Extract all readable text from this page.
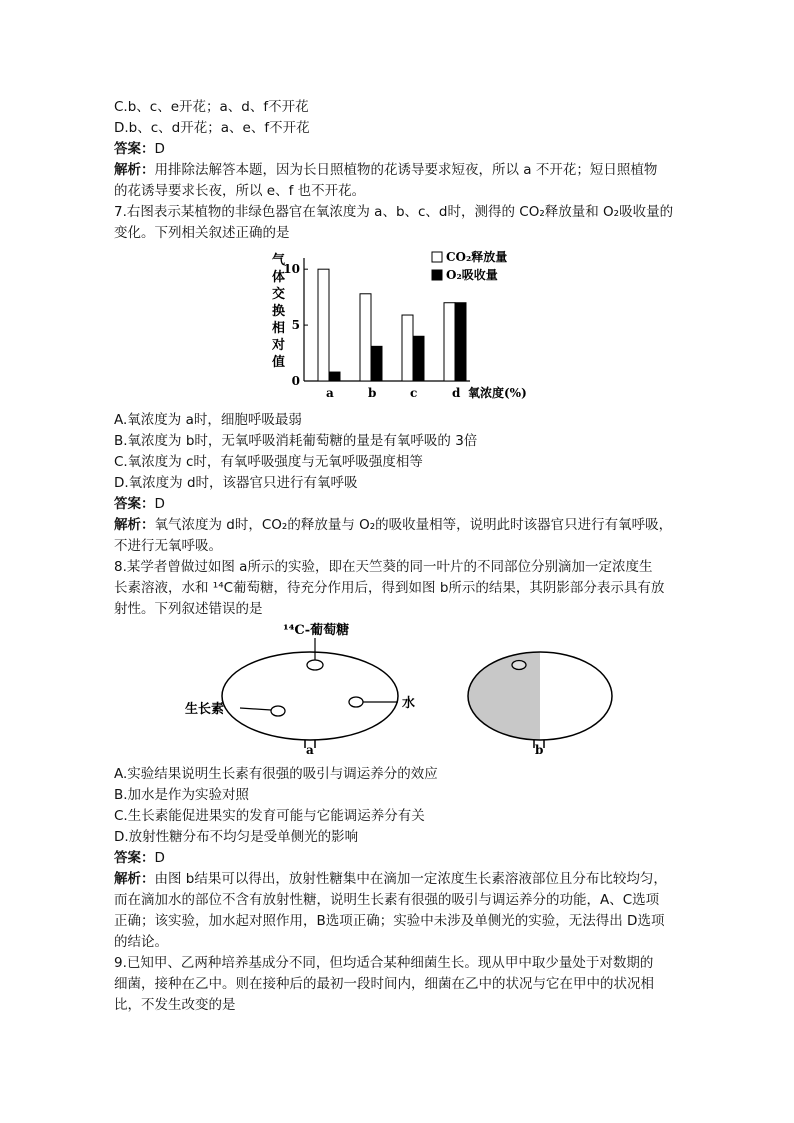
C.b、c、e开花；a、d、f不开花
D.b、c、d开花；a、e、f不开花
答案：D
解析：用排除法解答本题，因为长日照植物的花诱导要求短夜，所以 a 不开花；短日照植物
的花诱导要求长夜，所以 e、f 也不开花。
7.右图表示某植物的非绿色器官在氧浓度为 a、b、c、d时，测得的 CO₂释放量和 O₂吸收量的
变化。下列相关叙述正确的是
气
体
交
换
相
对
值
0
5
10
a	b	c	d 氧浓度(%)
CO₂释放量
O₂吸收量
A.氧浓度为 a时，细胞呼吸最弱
B.氧浓度为 b时，无氧呼吸消耗葡萄糖的量是有氧呼吸的 3倍
C.氧浓度为 c时，有氧呼吸强度与无氧呼吸强度相等
D.氧浓度为 d时，该器官只进行有氧呼吸
答案：D
解析：氧气浓度为 d时，CO₂的释放量与 O₂的吸收量相等，说明此时该器官只进行有氧呼吸，
不进行无氧呼吸。
8.某学者曾做过如图 a所示的实验，即在天竺葵的同一叶片的不同部位分别滴加一定浓度生
长素溶液，水和 ¹⁴C葡萄糖，待充分作用后，得到如图 b所示的结果，其阴影部分表示具有放
射性。下列叙述错误的是
¹⁴C-葡萄糖
生长素	水
a	b
A.实验结果说明生长素有很强的吸引与调运养分的效应
B.加水是作为实验对照
C.生长素能促进果实的发育可能与它能调运养分有关
D.放射性糖分布不均匀是受单侧光的影响
答案：D
解析：由图 b结果可以得出，放射性糖集中在滴加一定浓度生长素溶液部位且分布比较均匀，
而在滴加水的部位不含有放射性糖，说明生长素有很强的吸引与调运养分的功能，A、C选项
正确；该实验，加水起对照作用，B选项正确；实验中未涉及单侧光的实验，无法得出 D选项
的结论。
9.已知甲、乙两种培养基成分不同，但均适合某种细菌生长。现从甲中取少量处于对数期的
细菌，接种在乙中。则在接种后的最初一段时间内，细菌在乙中的状况与它在甲中的状况相
比，不发生改变的是
